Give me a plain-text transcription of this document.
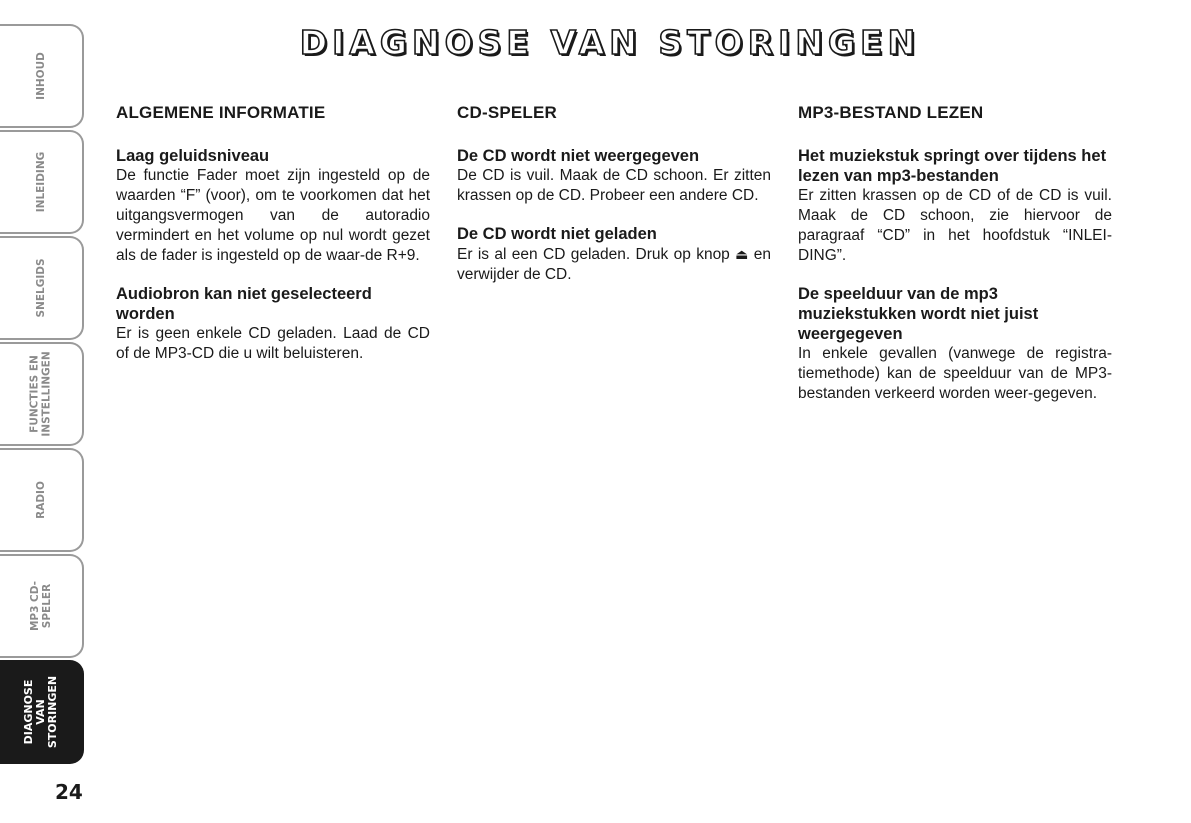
DIAGNOSE VAN STORINGEN
INHOUD
INLEIDING
SNELGIDS
FUNCTIES EN
INSTELLINGEN
RADIO
MP3 CD-SPELER
DIAGNOSE VAN
STORINGEN
24
ALGEMENE INFORMATIE

Laag geluidsniveau

De functie Fader moet zijn ingesteld op de waarden “F” (voor), om te voorkomen dat het uitgangsvermogen van de autoradio vermindert en het volume op nul wordt gezet als de fader is ingesteld op de waar-de R+9.

Audiobron kan niet geselecteerd worden

Er is geen enkele CD geladen. Laad de CD of de MP3-CD die u wilt beluisteren.

CD-SPELER

De CD wordt niet weergegeven

De CD is vuil. Maak de CD schoon. Er zitten krassen op de CD. Probeer een andere CD.

De CD wordt niet geladen

Er is al een CD geladen. Druk op knop ⏏ en verwijder de CD.

MP3-BESTAND LEZEN

Het muziekstuk springt over tijdens het lezen van mp3-bestanden

Er zitten krassen op de CD of de CD is vuil. Maak de CD schoon, zie hiervoor de paragraaf “CD” in het hoofdstuk “INLEI-DING”.

De speelduur van de mp3 muziekstukken wordt niet juist weergegeven

In enkele gevallen (vanwege de registra-tiemethode) kan de speelduur van de MP3-bestanden verkeerd worden weer-gegeven.
